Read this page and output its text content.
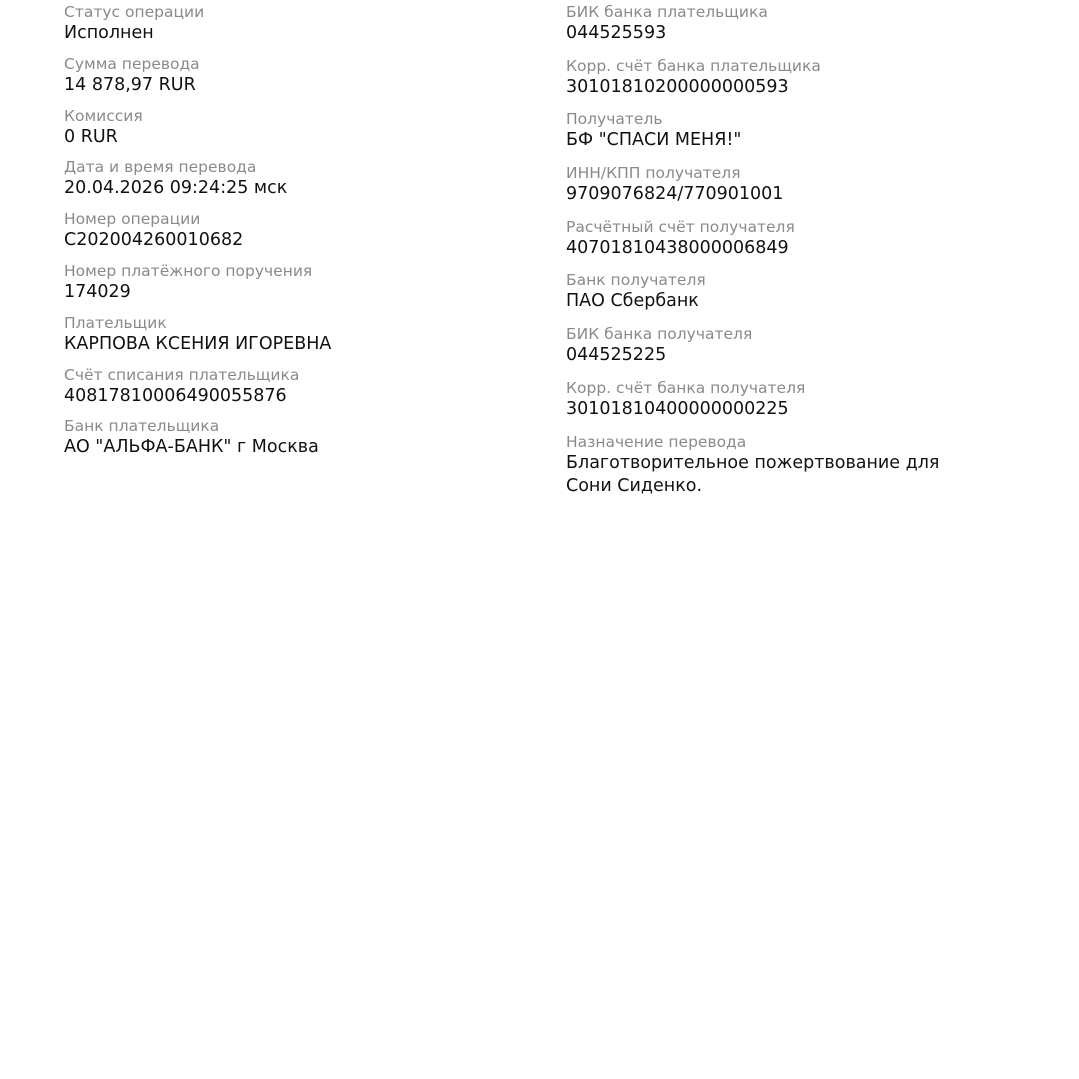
Статус операции
Исполнен
Сумма перевода
14 878,97 RUR
Комиссия
0 RUR
Дата и время перевода
20.04.2026 09:24:25 мск
Номер операции
C202004260010682
Номер платёжного поручения
174029
Плательщик
КАРПОВА КСЕНИЯ ИГОРЕВНА
Счёт списания плательщика
40817810006490055876
Банк плательщика
АО "АЛЬФА-БАНК" г Москва
БИК банка плательщика
044525593
Корр. счёт банка плательщика
30101810200000000593
Получатель
БФ "СПАСИ МЕНЯ!"
ИНН/КПП получателя
9709076824/770901001
Расчётный счёт получателя
40701810438000006849
Банк получателя
ПАО Сбербанк
БИК банка получателя
044525225
Корр. счёт банка получателя
30101810400000000225
Назначение перевода
Благотворительное пожертвование для Сони Сиденко.
